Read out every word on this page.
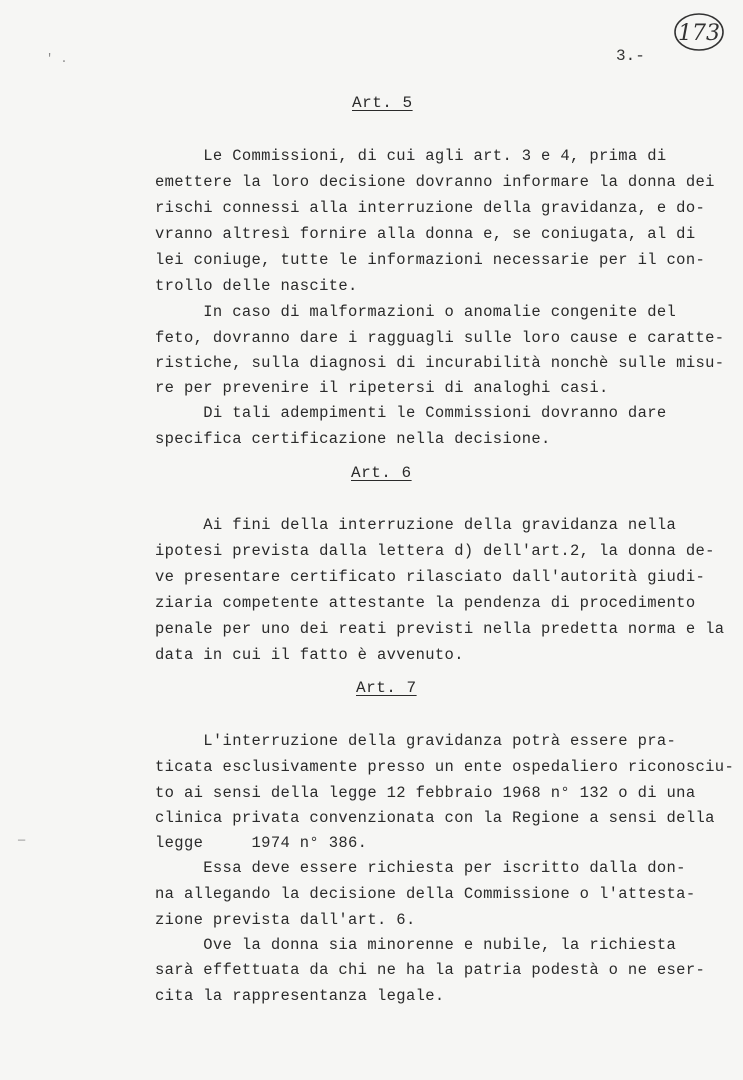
173
3.-
' .
—
Art. 5
Le Commissioni, di cui agli art. 3 e 4, prima di
emettere la loro decisione dovranno informare la donna dei
rischi connessi alla interruzione della gravidanza, e do-
vranno altresì fornire alla donna e, se coniugata, al di
lei coniuge, tutte le informazioni necessarie per il con-
trollo delle nascite.
In caso di malformazioni o anomalie congenite del
feto, dovranno dare i ragguagli sulle loro cause e caratte-
ristiche, sulla diagnosi di incurabilità nonchè sulle misu-
re per prevenire il ripetersi di analoghi casi.
Di tali adempimenti le Commissioni dovranno dare
specifica certificazione nella decisione.
Art. 6
Ai fini della interruzione della gravidanza nella
ipotesi prevista dalla lettera d) dell'art.2, la donna de-
ve presentare certificato rilasciato dall'autorità giudi-
ziaria competente attestante la pendenza di procedimento
penale per uno dei reati previsti nella predetta norma e la
data in cui il fatto è avvenuto.
Art. 7
L'interruzione della gravidanza potrà essere pra-
ticata esclusivamente presso un ente ospedaliero riconosciu-
to ai sensi della legge 12 febbraio 1968 n° 132 o di una
clinica privata convenzionata con la Regione a sensi della
legge     1974 n° 386.
Essa deve essere richiesta per iscritto dalla don-
na allegando la decisione della Commissione o l'attesta-
zione prevista dall'art. 6.
Ove la donna sia minorenne e nubile, la richiesta
sarà effettuata da chi ne ha la patria podestà o ne eser-
cita la rappresentanza legale.
